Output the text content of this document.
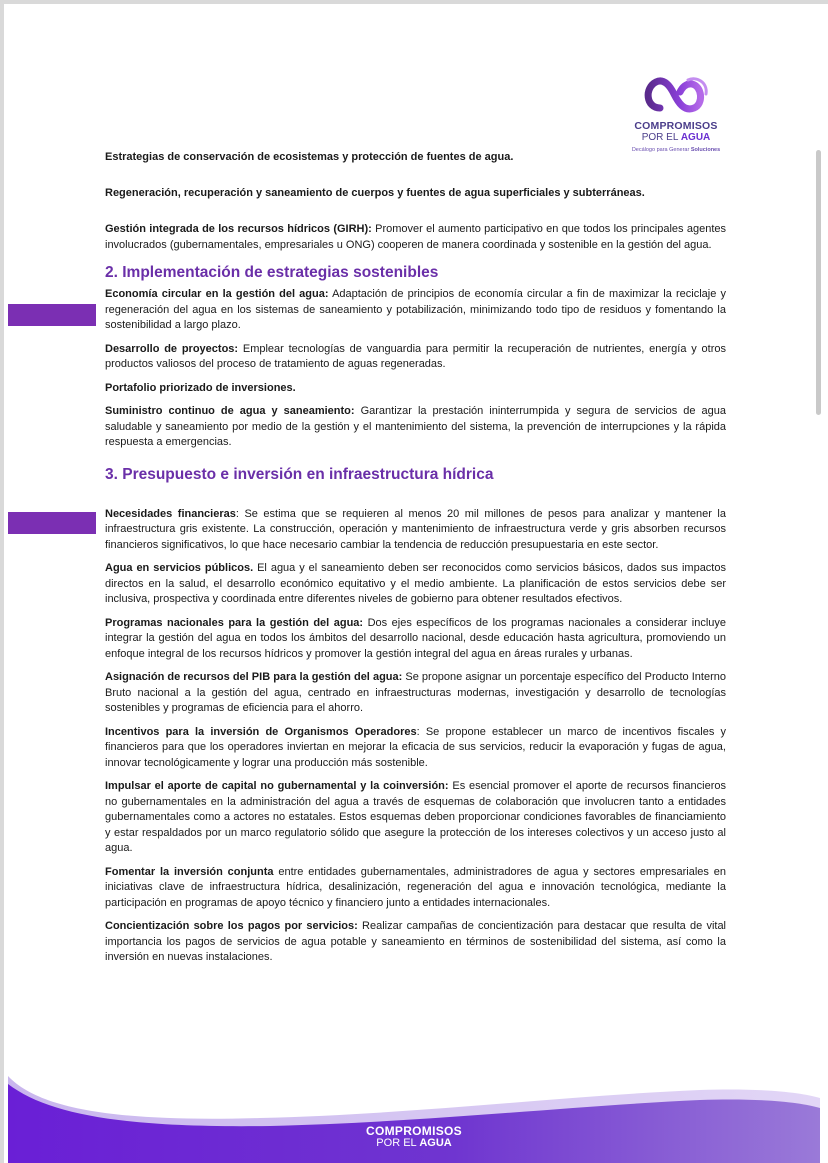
COMPROMISOS
POR EL AGUA
Decálogo para Generar Soluciones

Estrategias de conservación de ecosistemas y protección de fuentes de agua.

Regeneración, recuperación y saneamiento de cuerpos y fuentes de agua superficiales y subterráneas.

Gestión integrada de los recursos hídricos (GIRH): Promover el aumento participativo en que todos los principales agentes involucrados (gubernamentales, empresariales u ONG) cooperen de manera coordinada y sostenible en la gestión del agua.

2. Implementación de estrategias sostenibles

Economía circular en la gestión del agua: Adaptación de principios de economía circular a fin de maximizar la reciclaje y regeneración del agua en los sistemas de saneamiento y potabilización, minimizando todo tipo de residuos y fomentando la sostenibilidad a largo plazo.

Desarrollo de proyectos: Emplear tecnologías de vanguardia para permitir la recuperación de nutrientes, energía y otros productos valiosos del proceso de tratamiento de aguas regeneradas.

Portafolio priorizado de inversiones.

Suministro continuo de agua y saneamiento: Garantizar la prestación ininterrumpida y segura de servicios de agua saludable y saneamiento por medio de la gestión y el mantenimiento del sistema, la prevención de interrupciones y la rápida respuesta a emergencias.

3. Presupuesto e inversión en infraestructura hídrica

Necesidades financieras: Se estima que se requieren al menos 20 mil millones de pesos para analizar y mantener la infraestructura gris existente. La construcción, operación y mantenimiento de infraestructura verde y gris absorben recursos financieros significativos, lo que hace necesario cambiar la tendencia de reducción presupuestaria en este sector.

Agua en servicios públicos. El agua y el saneamiento deben ser reconocidos como servicios básicos, dados sus impactos directos en la salud, el desarrollo económico equitativo y el medio ambiente. La planificación de estos servicios debe ser inclusiva, prospectiva y coordinada entre diferentes niveles de gobierno para obtener resultados efectivos.

Programas nacionales para la gestión del agua: Dos ejes específicos de los programas nacionales a considerar incluye integrar la gestión del agua en todos los ámbitos del desarrollo nacional, desde educación hasta agricultura, promoviendo un enfoque integral de los recursos hídricos y promover la gestión integral del agua en áreas rurales y urbanas.

Asignación de recursos del PIB para la gestión del agua: Se propone asignar un porcentaje específico del Producto Interno Bruto nacional a la gestión del agua, centrado en infraestructuras modernas, investigación y desarrollo de tecnologías sostenibles y programas de eficiencia para el ahorro.

Incentivos para la inversión de Organismos Operadores: Se propone establecer un marco de incentivos fiscales y financieros para que los operadores inviertan en mejorar la eficacia de sus servicios, reducir la evaporación y fugas de agua, innovar tecnológicamente y lograr una producción más sostenible.

Impulsar el aporte de capital no gubernamental y la coinversión: Es esencial promover el aporte de recursos financieros no gubernamentales en la administración del agua a través de esquemas de colaboración que involucren tanto a entidades gubernamentales como a actores no estatales. Estos esquemas deben proporcionar condiciones favorables de financiamiento y estar respaldados por un marco regulatorio sólido que asegure la protección de los intereses colectivos y un acceso justo al agua.

Fomentar la inversión conjunta entre entidades gubernamentales, administradores de agua y sectores empresariales en iniciativas clave de infraestructura hídrica, desalinización, regeneración del agua e innovación tecnológica, mediante la participación en programas de apoyo técnico y financiero junto a entidades internacionales.

Concientización sobre los pagos por servicios: Realizar campañas de concientización para destacar que resulta de vital importancia los pagos de servicios de agua potable y saneamiento en términos de sostenibilidad del sistema, así como la inversión en nuevas instalaciones.

COMPROMISOS
POR EL AGUA
